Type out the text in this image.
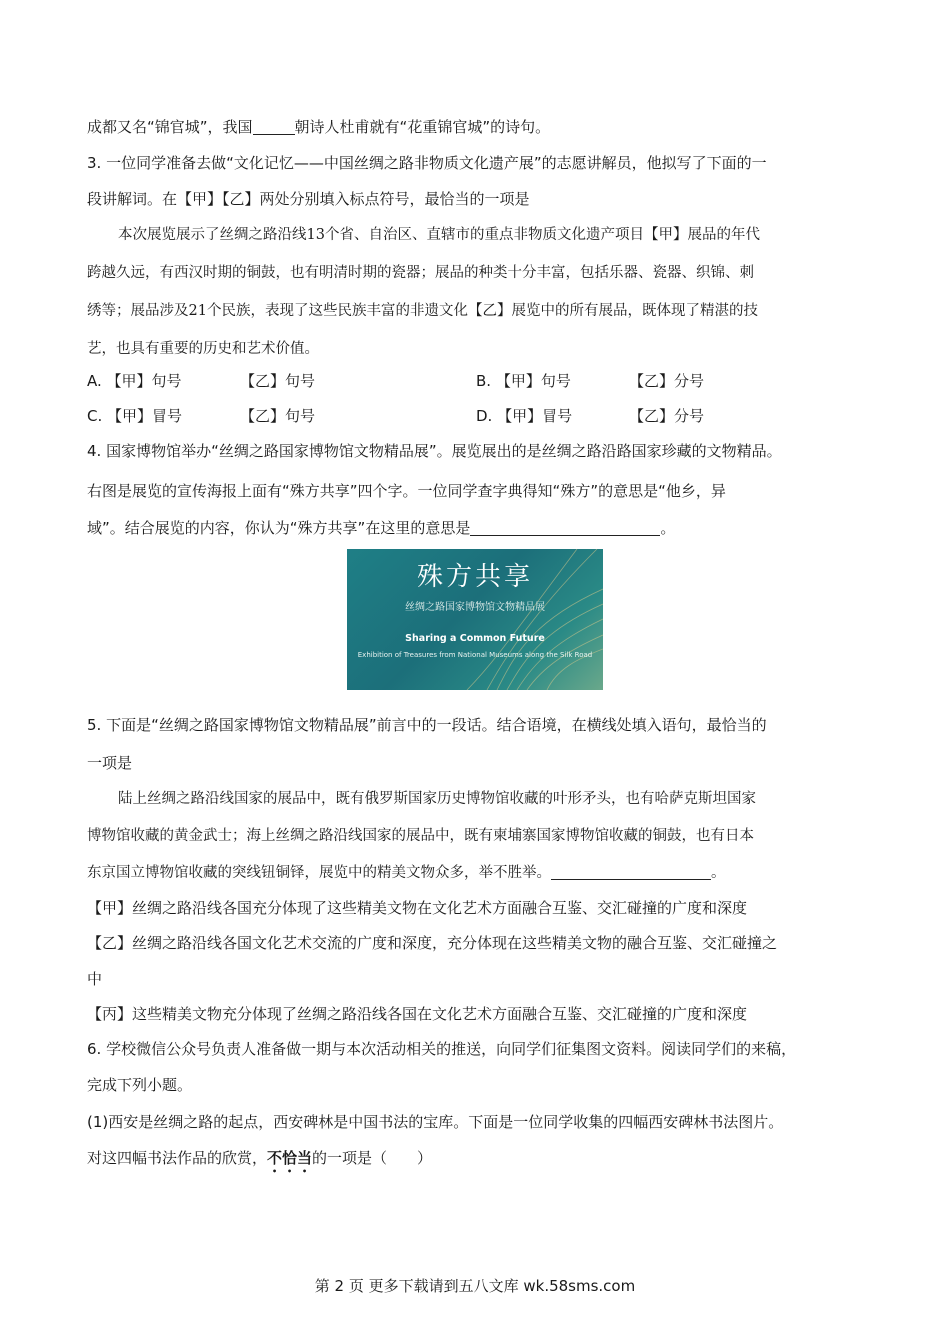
成都又名“锦官城”，我国	朝诗人杜甫就有“花重锦官城”的诗句。
3. 一位同学准备去做“文化记忆——中国丝绸之路非物质文化遗产展”的志愿讲解员，他拟写了下面的一
段讲解词。在【甲】【乙】两处分别填入标点符号，最恰当的一项是
本次展览展示了丝绸之路沿线13个省、自治区、直辖市的重点非物质文化遗产项目【甲】展品的年代
跨越久远，有西汉时期的铜鼓，也有明清时期的瓷器；展品的种类十分丰富，包括乐器、瓷器、织锦、刺
绣等；展品涉及21个民族，表现了这些民族丰富的非遗文化【乙】展览中的所有展品，既体现了精湛的技
艺，也具有重要的历史和艺术价值。
A. 【甲】句号	【乙】句号	B. 【甲】句号	【乙】分号
C. 【甲】冒号	【乙】句号	D. 【甲】冒号	【乙】分号
4. 国家博物馆举办“丝绸之路国家博物馆文物精品展”。展览展出的是丝绸之路沿路国家珍藏的文物精品。
右图是展览的宣传海报上面有“殊方共享”四个字。一位同学查字典得知“殊方”的意思是“他乡，异
域”。结合展览的内容，你认为“殊方共享”在这里的意思是	。
殊方共享
丝绸之路国家博物馆文物精品展
Sharing a Common Future
Exhibition of Treasures from National Museums along the Silk Road
5. 下面是“丝绸之路国家博物馆文物精品展”前言中的一段话。结合语境，在横线处填入语句，最恰当的
一项是
陆上丝绸之路沿线国家的展品中，既有俄罗斯国家历史博物馆收藏的叶形矛头，也有哈萨克斯坦国家
博物馆收藏的黄金武士；海上丝绸之路沿线国家的展品中，既有柬埔寨国家博物馆收藏的铜鼓，也有日本
东京国立博物馆收藏的突线钮铜铎，展览中的精美文物众多，举不胜举。	。
【甲】丝绸之路沿线各国充分体现了这些精美文物在文化艺术方面融合互鉴、交汇碰撞的广度和深度
【乙】丝绸之路沿线各国文化艺术交流的广度和深度，充分体现在这些精美文物的融合互鉴、交汇碰撞之
中
【丙】这些精美文物充分体现了丝绸之路沿线各国在文化艺术方面融合互鉴、交汇碰撞的广度和深度
6. 学校微信公众号负责人准备做一期与本次活动相关的推送，向同学们征集图文资料。阅读同学们的来稿，
完成下列小题。
(1)西安是丝绸之路的起点，西安碑林是中国书法的宝库。下面是一位同学收集的四幅西安碑林书法图片。
对这四幅书法作品的欣赏，不恰当的一项是（　　）
第 2 页 更多下载请到五八文库 wk.58sms.com
